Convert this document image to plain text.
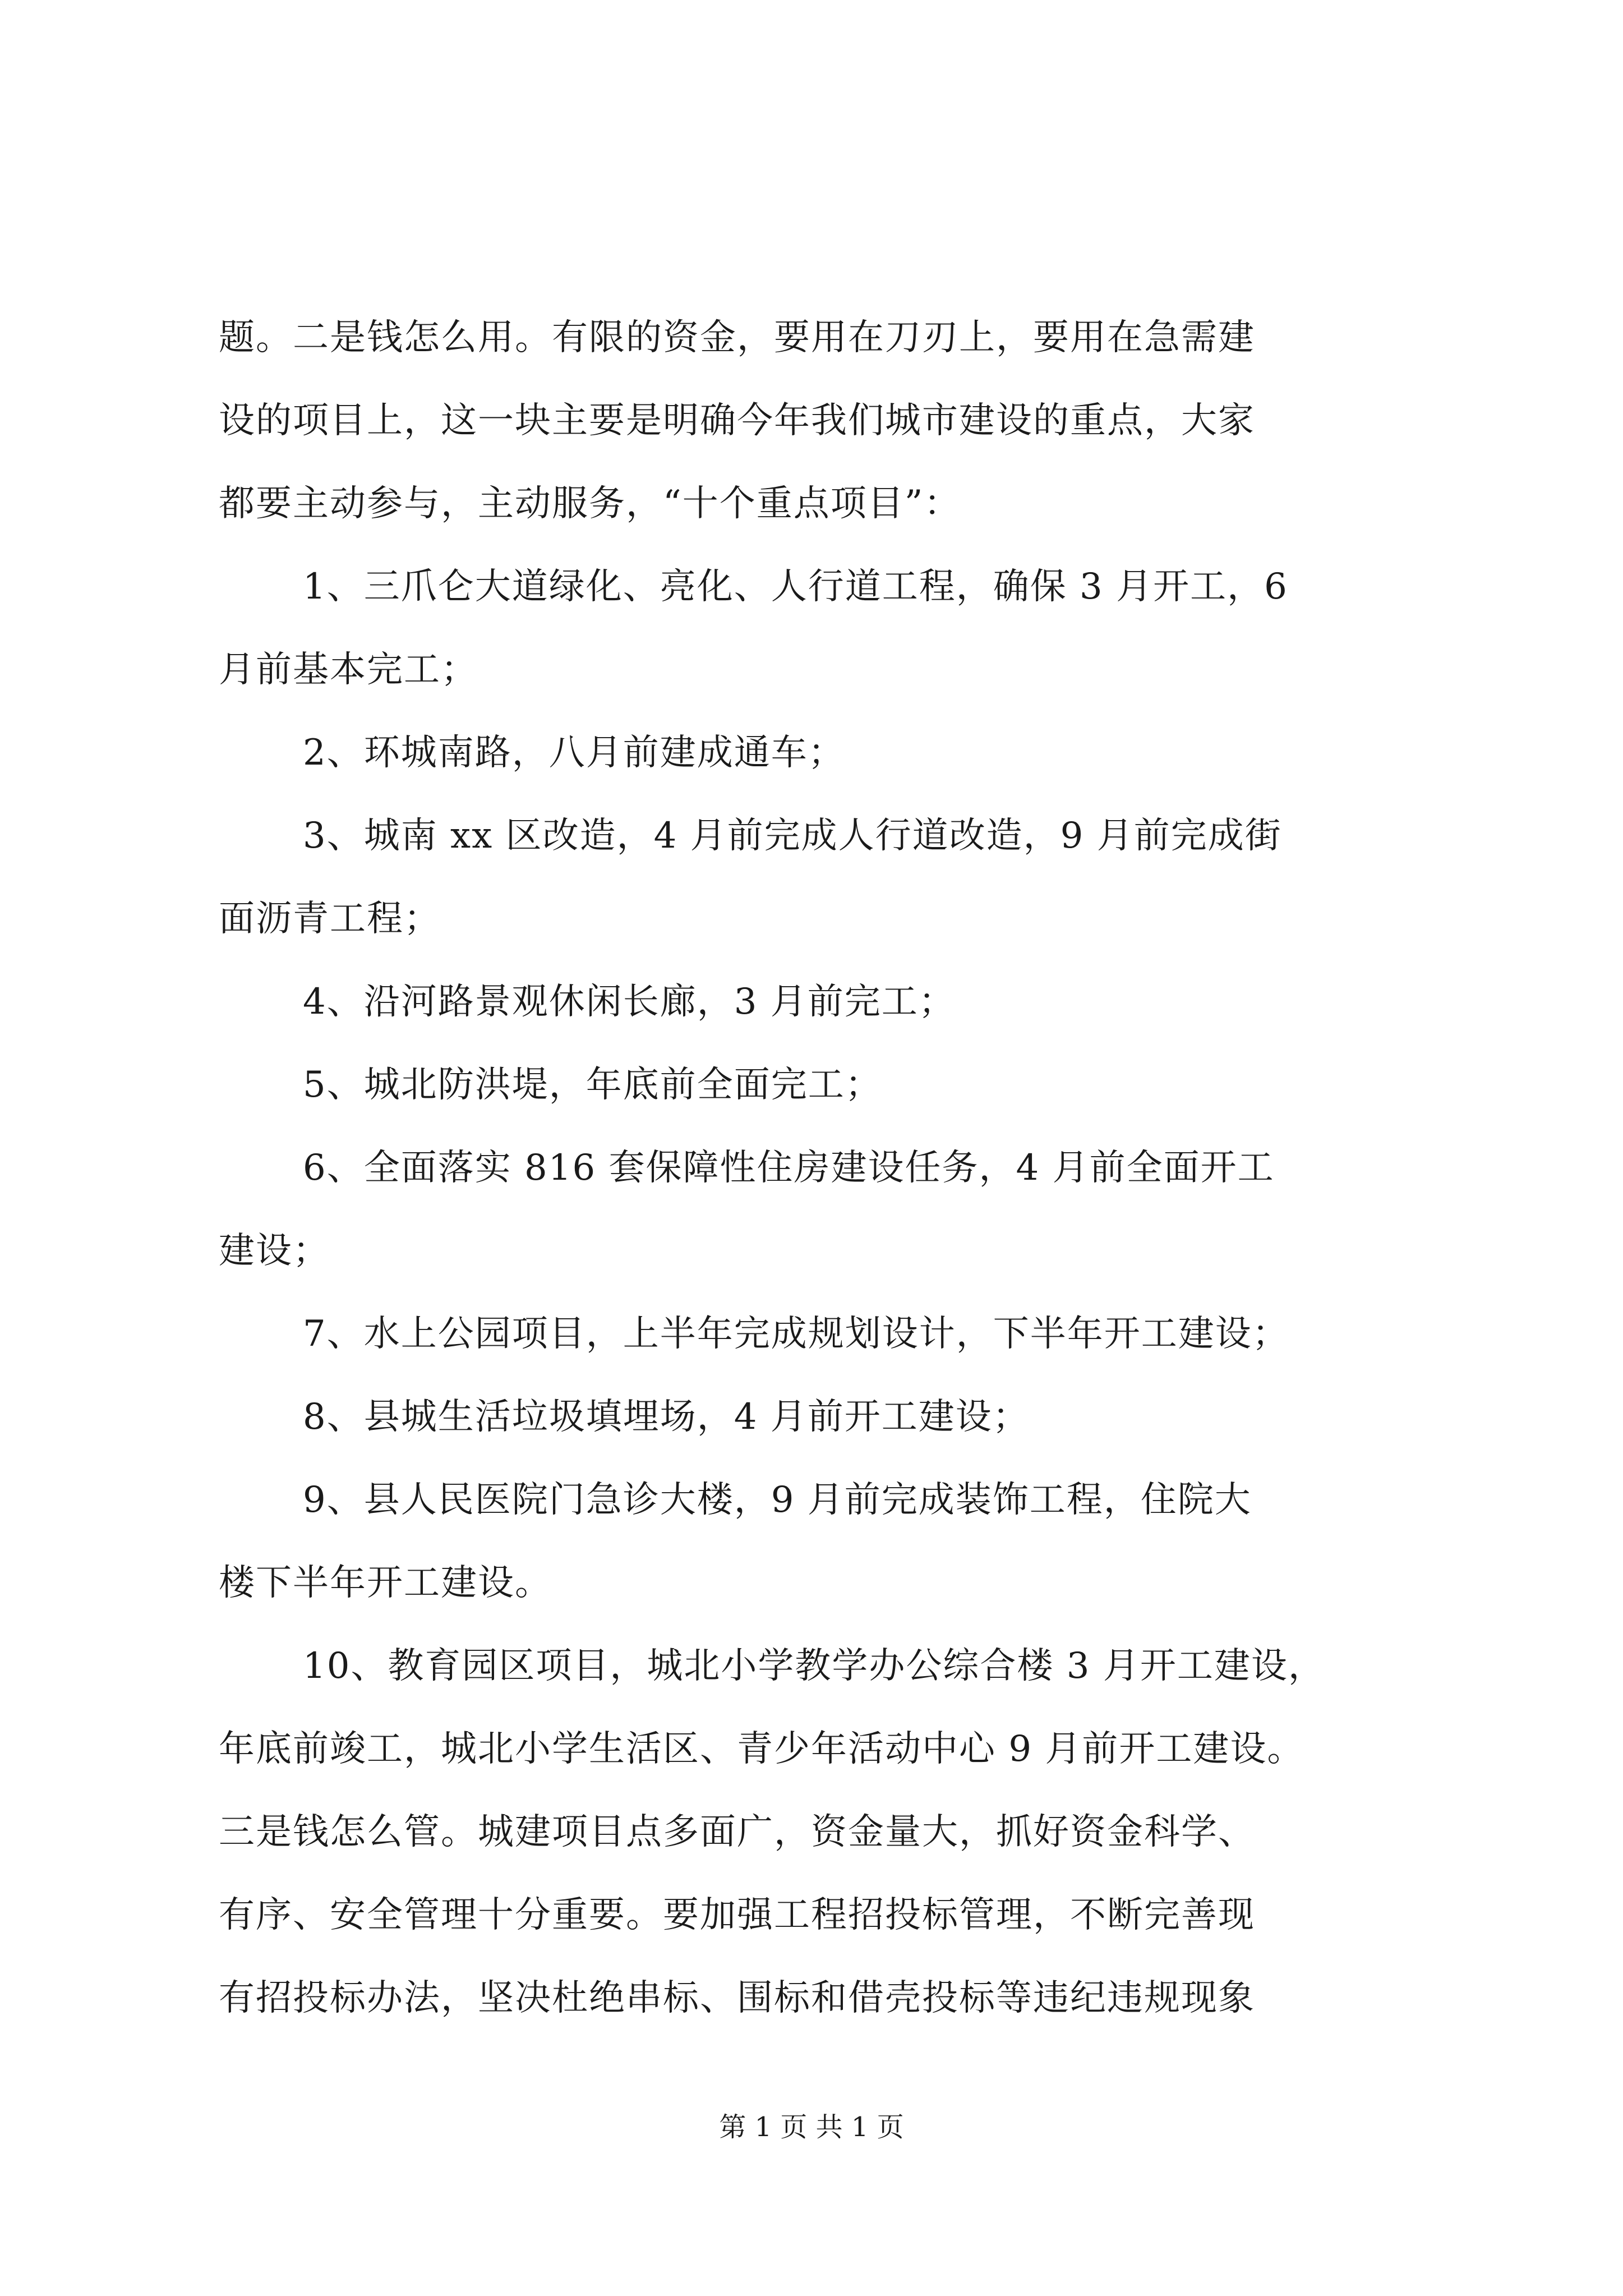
题。二是钱怎么用。有限的资金，要用在刀刃上，要用在急需建
设的项目上，这一块主要是明确今年我们城市建设的重点，大家
都要主动参与，主动服务，“十个重点项目”：
1、三爪仑大道绿化、亮化、人行道工程，确保 3 月开工，6
月前基本完工；
2、环城南路，八月前建成通车；
3、城南 xx 区改造，4 月前完成人行道改造，9 月前完成街
面沥青工程；
4、沿河路景观休闲长廊，3 月前完工；
5、城北防洪堤，年底前全面完工；
6、全面落实 816 套保障性住房建设任务，4 月前全面开工
建设；
7、水上公园项目，上半年完成规划设计，下半年开工建设；
8、县城生活垃圾填埋场，4 月前开工建设；
9、县人民医院门急诊大楼，9 月前完成装饰工程，住院大
楼下半年开工建设。
10、教育园区项目，城北小学教学办公综合楼 3 月开工建设，
年底前竣工，城北小学生活区、青少年活动中心 9 月前开工建设。
三是钱怎么管。城建项目点多面广，资金量大，抓好资金科学、
有序、安全管理十分重要。要加强工程招投标管理，不断完善现
有招投标办法，坚决杜绝串标、围标和借壳投标等违纪违规现象
第 1 页 共 1 页
